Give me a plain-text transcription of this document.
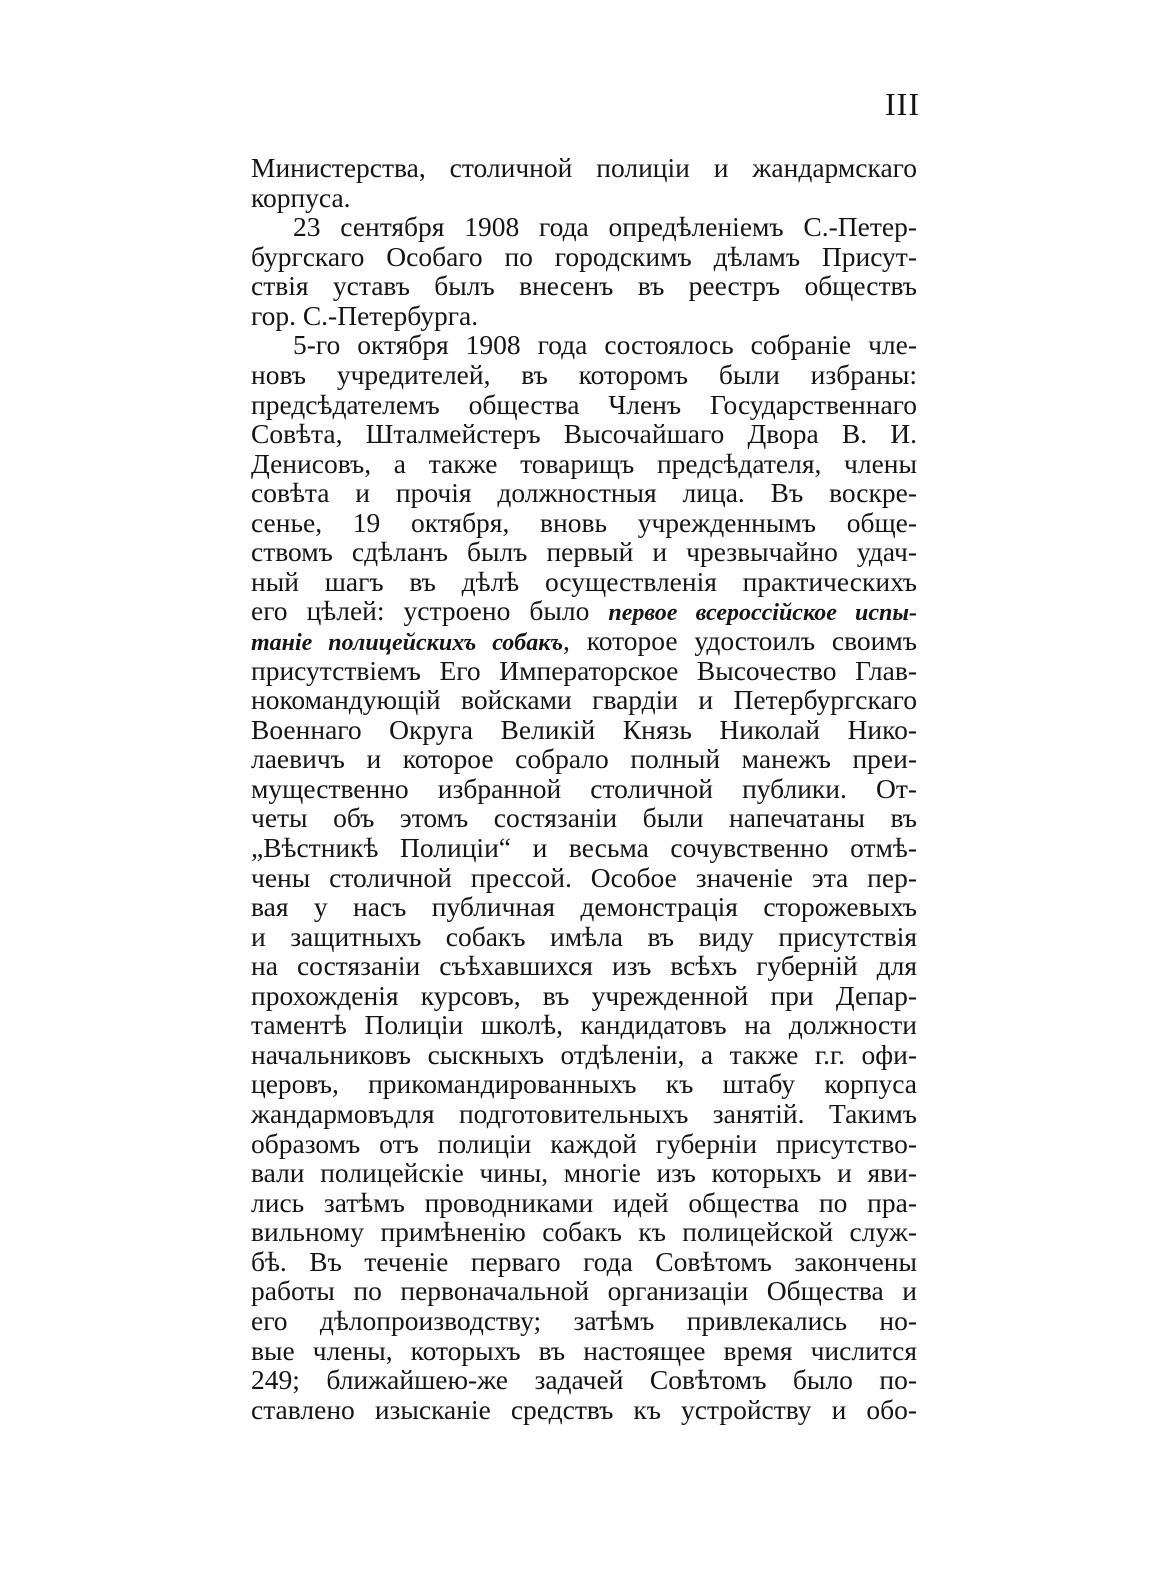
III
Министерства, столичной полиціи и жандармскаго
корпуса.
23 сентября 1908 года опредѣленіемъ С.-Петер-
бургскаго Особаго по городскимъ дѣламъ Присут-
ствія уставъ былъ внесенъ въ реестръ обществъ
гор. С.-Петербурга.
5-го октября 1908 года состоялось собраніе чле-
новъ учредителей, въ которомъ были избраны:
предсѣдателемъ общества Членъ Государственнаго
Совѣта, Шталмейстеръ Высочайшаго Двора В. И.
Денисовъ, а также товарищъ предсѣдателя, члены
совѣта и прочія должностныя лица. Въ воскре-
сенье, 19 октября, вновь учрежденнымъ обще-
ствомъ сдѣланъ былъ первый и чрезвычайно удач-
ный шагъ въ дѣлѣ осуществленія практическихъ
его цѣлей: устроено было первое всероссійское испы-
таніе полицейскихъ собакъ, которое удостоилъ своимъ
присутствіемъ Его Императорское Высочество Глав-
нокомандующій войсками гвардіи и Петербургскаго
Военнаго Округа Великій Князь Николай Нико-
лаевичъ и которое собрало полный манежъ преи-
мущественно избранной столичной публики. От-
четы объ этомъ состязаніи были напечатаны въ
„Вѣстникѣ Полиціи“ и весьма сочувственно отмѣ-
чены столичной прессой. Особое значеніе эта пер-
вая у насъ публичная демонстрація сторожевыхъ
и защитныхъ собакъ имѣла въ виду присутствія
на состязаніи съѣхавшихся изъ всѣхъ губерній для
прохожденія курсовъ, въ учрежденной при Депар-
таментѣ Полиціи школѣ, кандидатовъ на должности
начальниковъ сыскныхъ отдѣленіи, а также г.г. офи-
церовъ, прикомандированныхъ къ штабу корпуса
жандармовъдля подготовительныхъ занятій. Такимъ
образомъ отъ полиціи каждой губерніи присутство-
вали полицейскіе чины, многіе изъ которыхъ и яви-
лись затѣмъ проводниками идей общества по пра-
вильному примѣненію собакъ къ полицейской служ-
бѣ. Въ теченіе перваго года Совѣтомъ закончены
работы по первоначальной организаціи Общества и
его дѣлопроизводству; затѣмъ привлекались но-
вые члены, которыхъ въ настоящее время числится
249; ближайшею-же задачей Совѣтомъ было по-
ставлено изысканіе средствъ къ устройству и обо-
